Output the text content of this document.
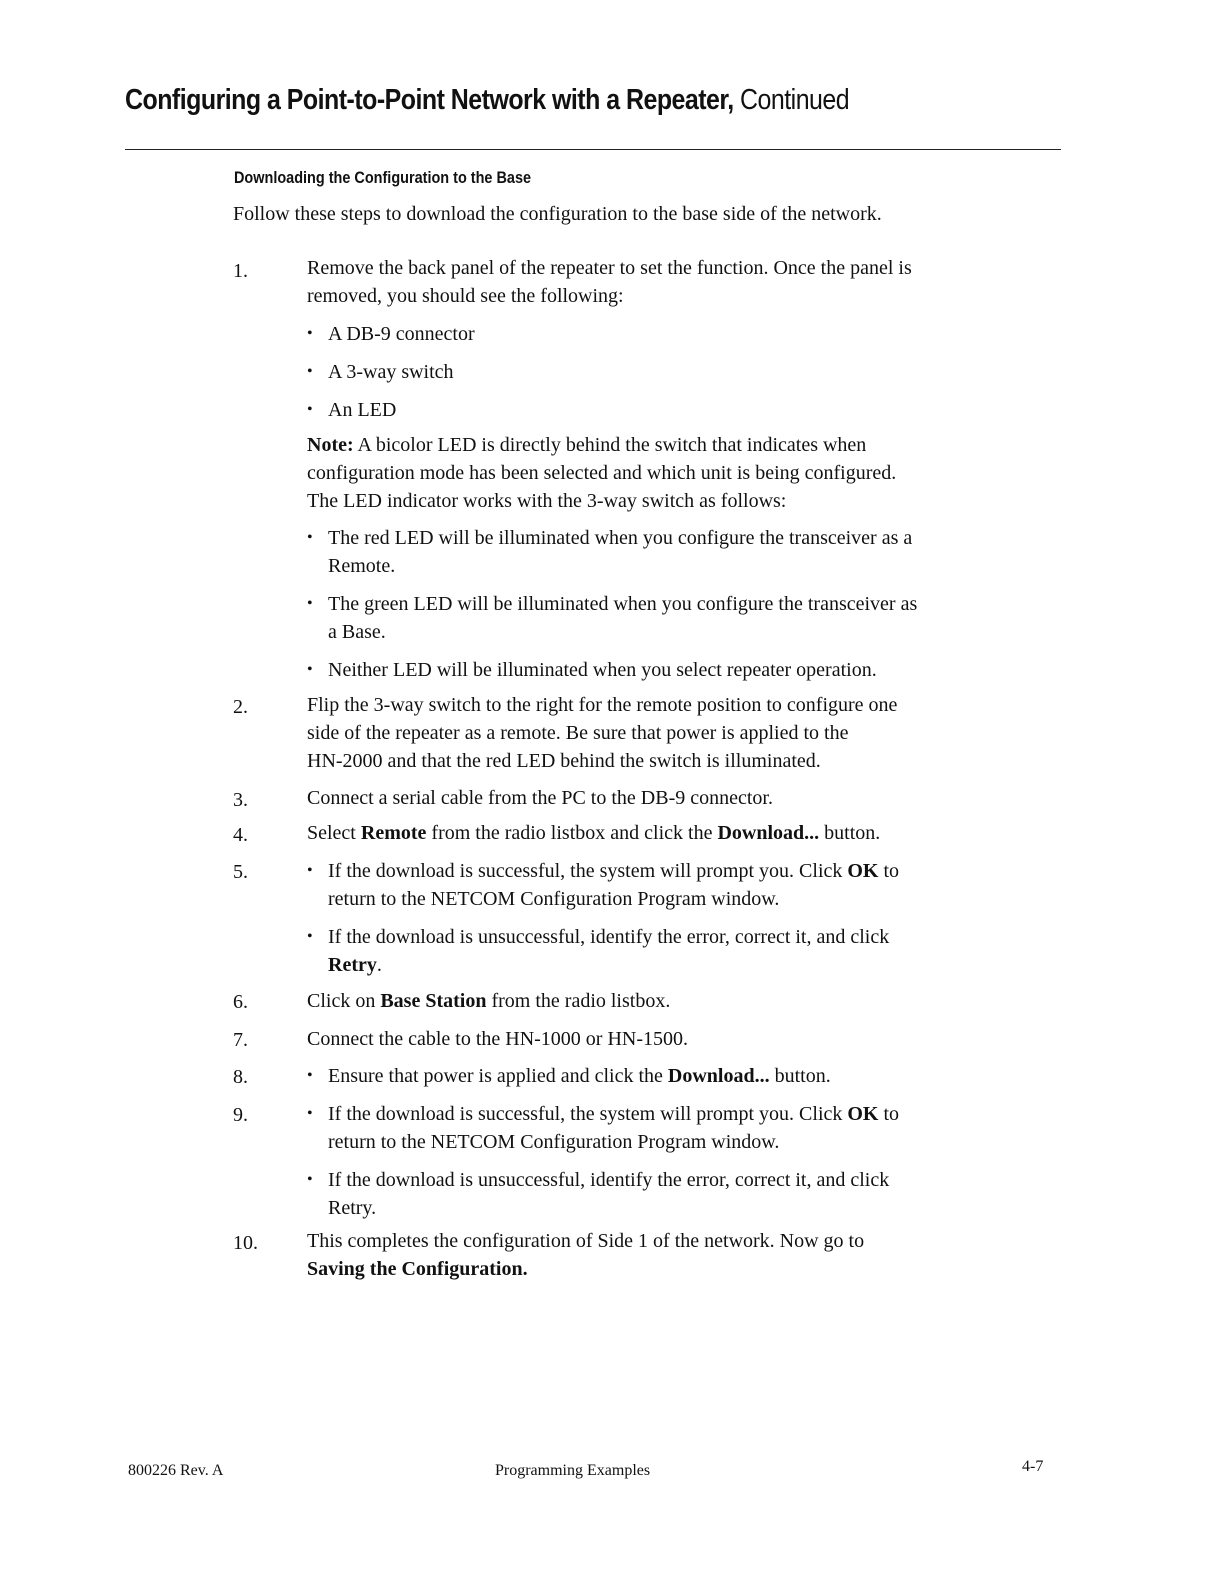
Configuring a Point-to-Point Network with a Repeater, Continued
Downloading the Configuration to the Base

Follow these steps to download the configuration to the base side of the network.

1.	Remove the back panel of the repeater to set the function. Once the panel is
removed, you should see the following:
• A DB-9 connector
• A 3-way switch
• An LED
Note: A bicolor LED is directly behind the switch that indicates when
configuration mode has been selected and which unit is being configured.
The LED indicator works with the 3-way switch as follows:
• The red LED will be illuminated when you configure the transceiver as a
Remote.
• The green LED will be illuminated when you configure the transceiver as
a Base.
• Neither LED will be illuminated when you select repeater operation.
2.	Flip the 3-way switch to the right for the remote position to configure one
side of the repeater as a remote. Be sure that power is applied to the
HN-2000 and that the red LED behind the switch is illuminated.
3.	Connect a serial cable from the PC to the DB-9 connector.
4.	Select Remote from the radio listbox and click the Download... button.
5.	• If the download is successful, the system will prompt you. Click OK to
return to the NETCOM Configuration Program window.
• If the download is unsuccessful, identify the error, correct it, and click
Retry.
6.	Click on Base Station from the radio listbox.
7.	Connect the cable to the HN-1000 or HN-1500.
8.	• Ensure that power is applied and click the Download... button.
9.	• If the download is successful, the system will prompt you. Click OK to
return to the NETCOM Configuration Program window.
• If the download is unsuccessful, identify the error, correct it, and click
Retry.
10. This completes the configuration of Side 1 of the network. Now go to
Saving the Configuration.
800226 Rev. A	Programming Examples	4-7
